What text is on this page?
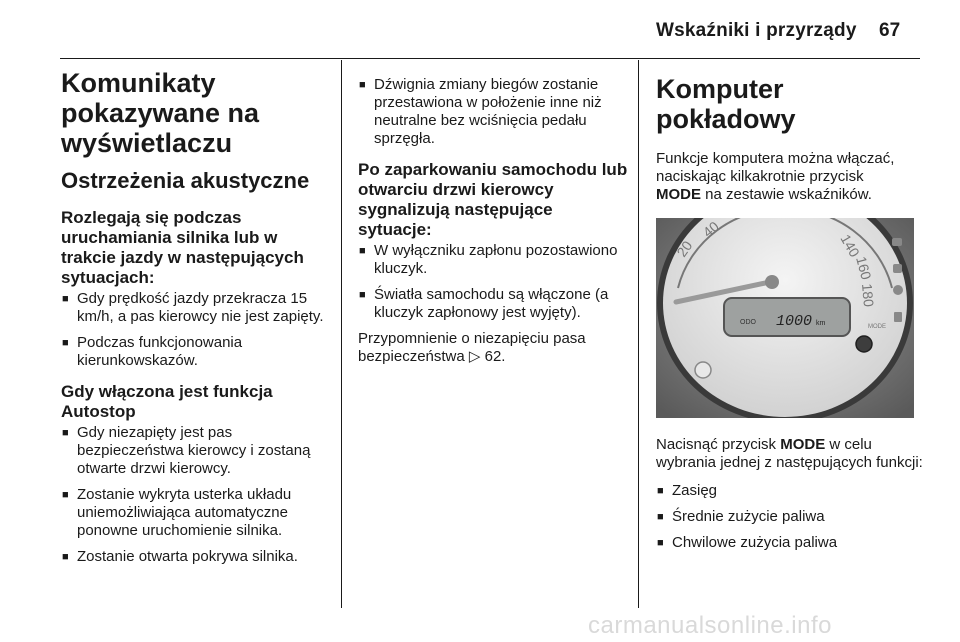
Wskaźniki i przyrządy 67
Komunikaty pokazywane na wyświetlaczu
Ostrzeżenia akustyczne
Rozlegają się podczas uruchamiania silnika lub w trakcie jazdy w następujących sytuacjach:
■ Gdy prędkość jazdy przekracza 15 km/h, a pas kierowcy nie jest zapięty.
■ Podczas funkcjonowania kierunkowskazów.
Gdy włączona jest funkcja Autostop
■ Gdy niezapięty jest pas bezpieczeństwa kierowcy i zostaną otwarte drzwi kierowcy.
■ Zostanie wykryta usterka układu uniemożliwiająca automatyczne ponowne uruchomienie silnika.
■ Zostanie otwarta pokrywa silnika.
■ Dźwignia zmiany biegów zostanie przestawiona w położenie inne niż neutralne bez wciśnięcia pedału sprzęgła.
Po zaparkowaniu samochodu lub otwarciu drzwi kierowcy sygnalizują następujące sytuacje:
■ W wyłączniku zapłonu pozostawiono kluczyk.
■ Światła samochodu są włączone (a kluczyk zapłonowy jest wyjęty).

Przypomnienie o niezapięciu pasa bezpieczeństwa ▷ 62.

Komputer pokładowy

Funkcje komputera można włączać, naciskając kilkakrotnie przycisk
MODE na zestawie wskaźników.

20
40
140
160
180
ODO 1000 km	MODE

Nacisnąć przycisk MODE w celu wybrania jednej z następujących funkcji:

■ Zasięg
■ Średnie zużycie paliwa
■ Chwilowe zużycia paliwa
carmanualsonline.info
